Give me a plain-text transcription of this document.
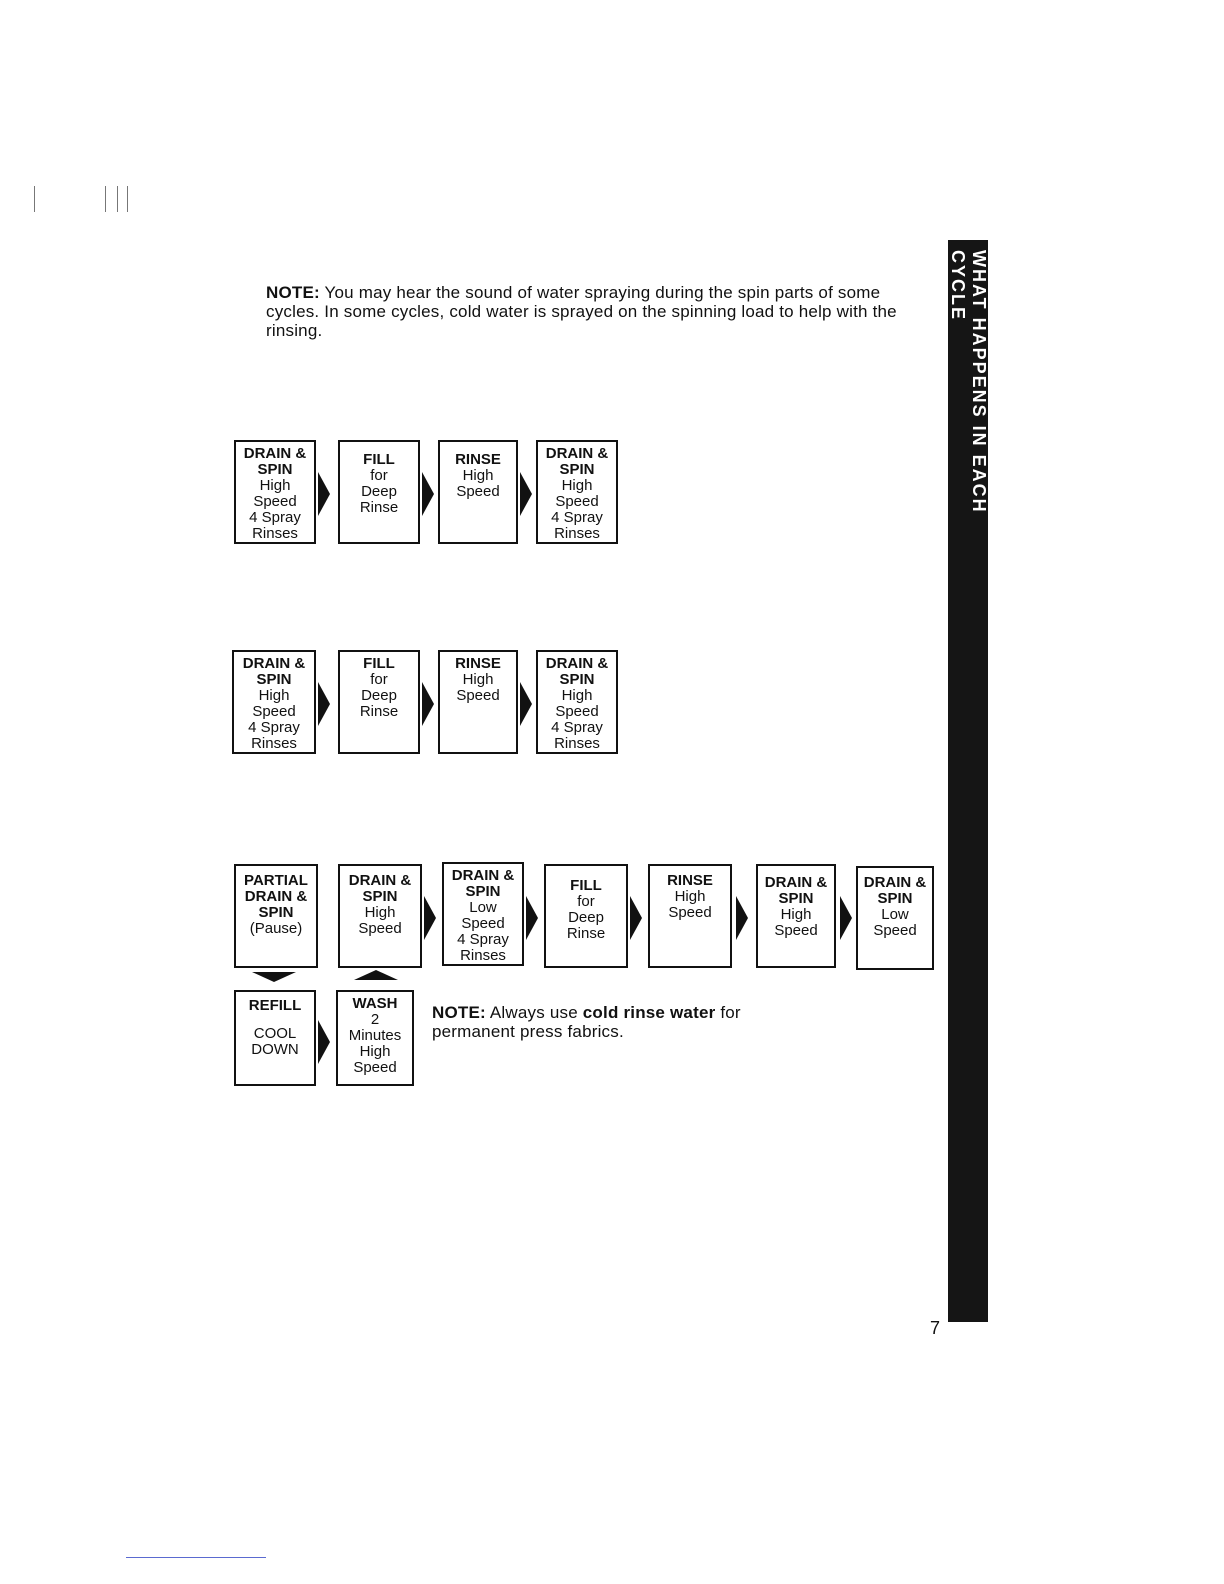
WHAT HAPPENS IN EACH CYCLE
NOTE: You may hear the sound of water spraying during the spin parts of some cycles. In some cycles, cold water is sprayed on the spinning load to help with the rinsing.
DRAIN &
SPIN
High
Speed
4 Spray
Rinses
FILL
for
Deep
Rinse
RINSE
High
Speed
DRAIN &
SPIN
High
Speed
4 Spray
Rinses
DRAIN &
SPIN
High
Speed
4 Spray
Rinses
FILL
for
Deep
Rinse
RINSE
High
Speed
DRAIN &
SPIN
High
Speed
4 Spray
Rinses
PARTIAL
DRAIN &
SPIN
(Pause)
DRAIN &
SPIN
High
Speed
DRAIN &
SPIN
Low
Speed
4 Spray
Rinses
FILL
for
Deep
Rinse
RINSE
High
Speed
DRAIN &
SPIN
High
Speed
DRAIN &
SPIN
Low
Speed
REFILL
COOL
DOWN
WASH
2
Minutes
High
Speed
NOTE: Always use cold rinse water for permanent press fabrics.
7
